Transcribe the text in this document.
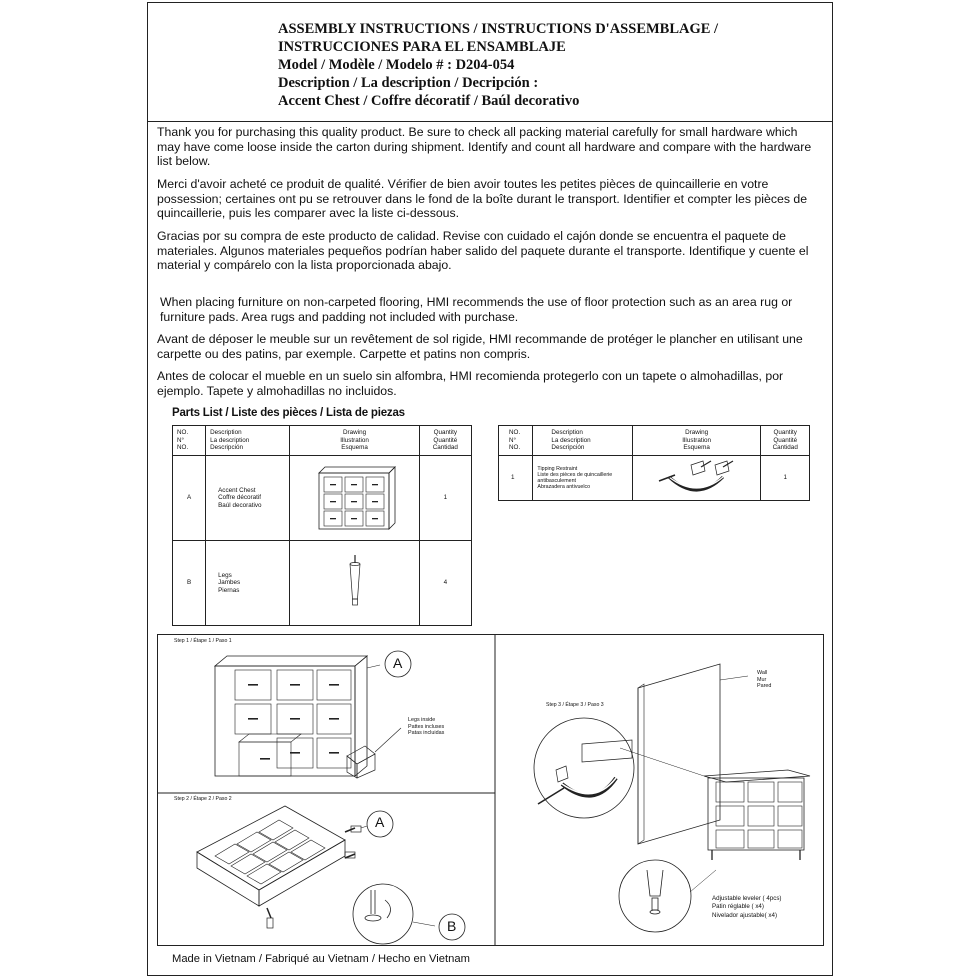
ASSEMBLY INSTRUCTIONS / INSTRUCTIONS D'ASSEMBLAGE /
INSTRUCCIONES PARA EL ENSAMBLAJE
Model / Modèle / Modelo # : D204-054
Description / La description / Decripción :
Accent Chest / Coffre décoratif / Baúl decorativo
Thank you for purchasing this quality product. Be sure to check all packing material carefully for small hardware which may have come loose inside the carton during shipment. Identify and count all hardware and compare with the hardware list below.
Merci d'avoir acheté ce produit de qualité. Vérifier de bien avoir toutes les petites pièces de quincaillerie en votre possession; certaines ont pu se retrouver dans le fond de la boîte durant le transport. Identifier et compter les pièces de quincaillerie, puis les comparer avec la liste ci-dessous.
Gracias por su compra de este producto de calidad. Revise con cuidado el cajón donde se encuentra el paquete de materiales. Algunos materiales pequeños podrían haber salido del paquete durante el transporte. Identifique y cuente el material y compárelo con la lista proporcionada abajo.
When placing furniture on non-carpeted flooring, HMI recommends the use of floor protection such as an area rug or furniture pads. Area rugs and padding not included with purchase.
Avant de déposer le meuble sur un revêtement de sol rigide, HMI recommande de protéger le plancher en utilisant une carpette ou des patins, par exemple. Carpette et patins non compris.
Antes de colocar el mueble en un suelo sin alfombra, HMI recomienda protegerlo con un tapete o almohadillas, por ejemplo. Tapete y almohadillas no incluidos.
Parts List / Liste des pièces / Lista de piezas
NO.
N°
NO.	Description
La description
Descripción	Drawing
Illustration
Esquema	Quantity
Quantité
Cantidad
A	Accent Chest
Coffre décoratif
Baúl decorativo		1
B	Legs
Jambes
Piernas		4
NO.
N°
NO.	Description
La description
Descripción	Drawing
Illustration
Esquema	Quantity
Quantité
Cantidad
1	Tipping Restraint
Liste des pièces de quincaillerie
antibasculement
Abrazadera antivuelco		1
Step 1 / Étape 1 / Paso 1
Step 2 / Étape 2 / Paso 2
Step 3 / Étape 3 / Paso 3
A
Legs inside
Pattes incluses
Patas incluidas
A
B
Wall
Mur
Pared
Adjustable leveler ( 4pcs)
Patin réglable ( x4)
Nivelador ajustable( x4)
Made in Vietnam / Fabriqué au Vietnam / Hecho en Vietnam
